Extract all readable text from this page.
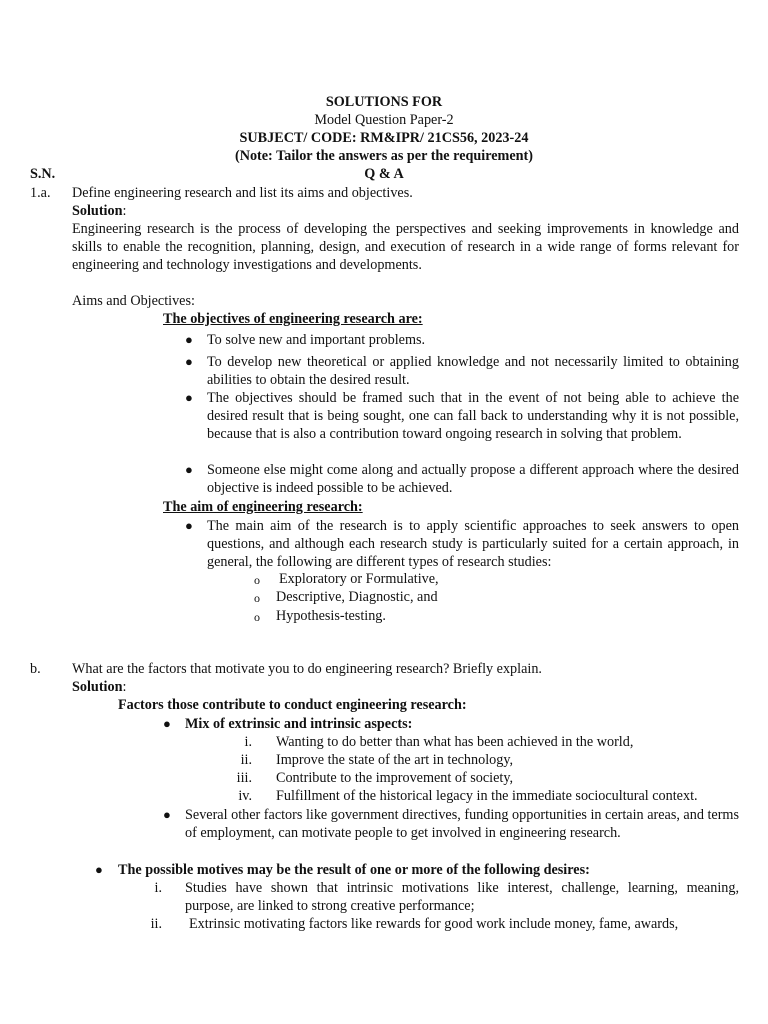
SOLUTIONS FOR
Model Question Paper-2
SUBJECT/ CODE: RM&IPR/ 21CS56, 2023-24
(Note: Tailor the answers as per the requirement)
S.N.	Q & A
1.a. Define engineering research and list its aims and objectives.
Solution:
Engineering research is the process of developing the perspectives and seeking improvements in knowledge and skills to enable the recognition, planning, design, and execution of research in a wide range of forms relevant for engineering and technology investigations and developments.
Aims and Objectives:
The objectives of engineering research are:
● To solve new and important problems.
● To develop new theoretical or applied knowledge and not necessarily limited to obtaining abilities to obtain the desired result.
● The objectives should be framed such that in the event of not being able to achieve the desired result that is being sought, one can fall back to understanding why it is not possible, because that is also a contribution toward ongoing research in solving that problem.
● Someone else might come along and actually propose a different approach where the desired objective is indeed possible to be achieved.
The aim of engineering research:
● The main aim of the research is to apply scientific approaches to seek answers to open questions, and although each research study is particularly suited for a certain approach, in general, the following are different types of research studies:
o Exploratory or Formulative,
o Descriptive, Diagnostic, and
o Hypothesis-testing.
b. What are the factors that motivate you to do engineering research? Briefly explain.
Solution:
Factors those contribute to conduct engineering research:
● Mix of extrinsic and intrinsic aspects:
i. Wanting to do better than what has been achieved in the world,
ii. Improve the state of the art in technology,
iii. Contribute to the improvement of society,
iv. Fulfillment of the historical legacy in the immediate sociocultural context.
● Several other factors like government directives, funding opportunities in certain areas, and terms of employment, can motivate people to get involved in engineering research.
● The possible motives may be the result of one or more of the following desires:
i. Studies have shown that intrinsic motivations like interest, challenge, learning, meaning, purpose, are linked to strong creative performance;
ii. Extrinsic motivating factors like rewards for good work include money, fame, awards,
